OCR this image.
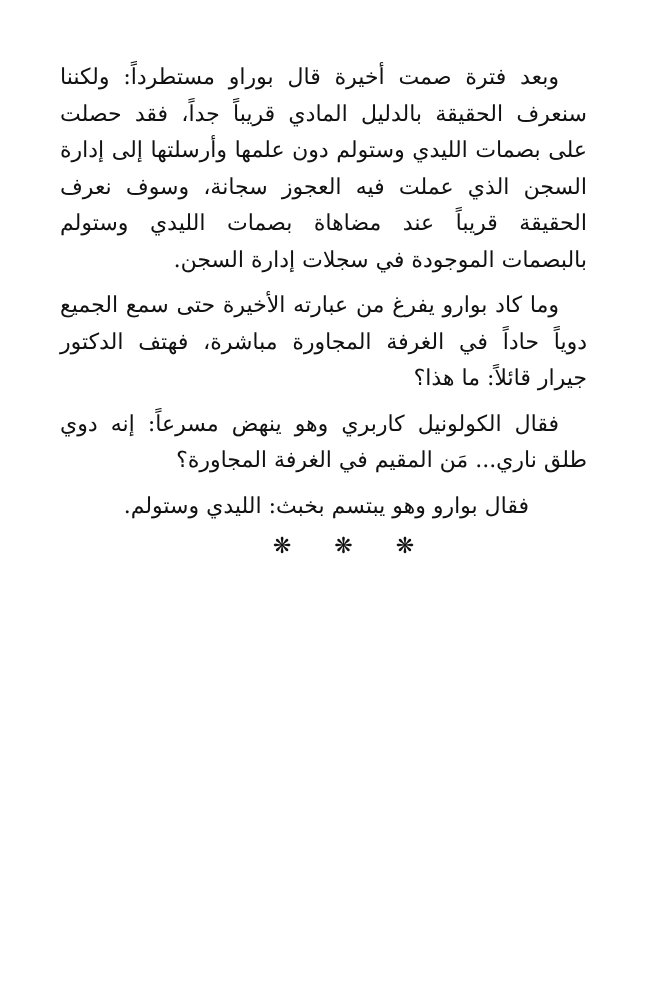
وبعد فترة صمت أخيرة قال بوراو مستطرداً: ولكننا سنعرف الحقيقة بالدليل المادي قريباً جداً، فقد حصلت على بصمات الليدي وستولم دون علمها وأرسلتها إلى إدارة السجن الذي عملت فيه العجوز سجانة، وسوف نعرف الحقيقة قريباً عند مضاهاة بصمات الليدي وستولم بالبصمات الموجودة في سجلات إدارة السجن.

وما كاد بوارو يفرغ من عبارته الأخيرة حتى سمع الجميع دوياً حاداً في الغرفة المجاورة مباشرة، فهتف الدكتور جيرار قائلاً: ما هذا؟

فقال الكولونيل كاربري وهو ينهض مسرعاً: إنه دوي طلق ناري... مَن المقيم في الغرفة المجاورة؟

فقال بوارو وهو يبتسم بخبث: الليدي وستولم.

❋ ❋ ❋
